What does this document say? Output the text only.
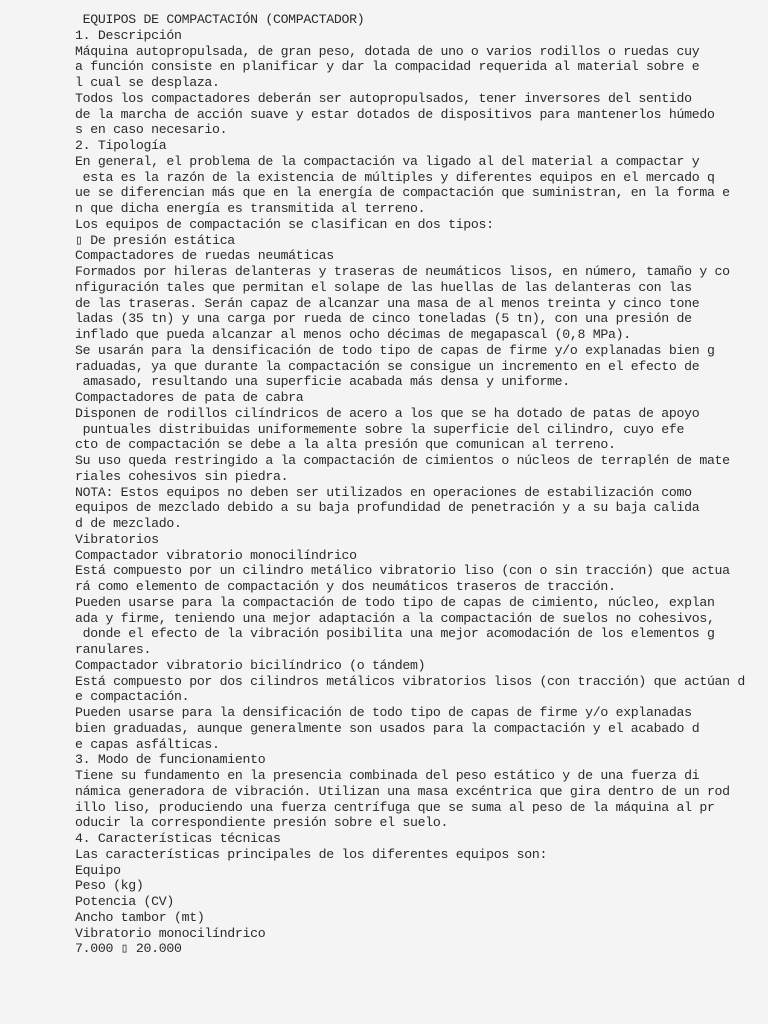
EQUIPOS DE COMPACTACIÓN (COMPACTADOR)
1. Descripción
Máquina autopropulsada, de gran peso, dotada de uno o varios rodillos o ruedas cuy
a función consiste en planificar y dar la compacidad requerida al material sobre e
l cual se desplaza.
Todos los compactadores deberán ser autopropulsados, tener inversores del sentido
de la marcha de acción suave y estar dotados de dispositivos para mantenerlos húmedo
s en caso necesario.
2. Tipología
En general, el problema de la compactación va ligado al del material a compactar y
esta es la razón de la existencia de múltiples y diferentes equipos en el mercado q
ue se diferencian más que en la energía de compactación que suministran, en la forma e
n que dicha energía es transmitida al terreno.
Los equipos de compactación se clasifican en dos tipos:
▯ De presión estática
Compactadores de ruedas neumáticas
Formados por hileras delanteras y traseras de neumáticos lisos, en número, tamaño y co
nfiguración tales que permitan el solape de las huellas de las delanteras con las
de las traseras. Serán capaz de alcanzar una masa de al menos treinta y cinco tone
ladas (35 tn) y una carga por rueda de cinco toneladas (5 tn), con una presión de
inflado que pueda alcanzar al menos ocho décimas de megapascal (0,8 MPa).
Se usarán para la densificación de todo tipo de capas de firme y/o explanadas bien g
raduadas, ya que durante la compactación se consigue un incremento en el efecto de
amasado, resultando una superficie acabada más densa y uniforme.
Compactadores de pata de cabra
Disponen de rodillos cilíndricos de acero a los que se ha dotado de patas de apoyo
puntuales distribuidas uniformemente sobre la superficie del cilindro, cuyo efe
cto de compactación se debe a la alta presión que comunican al terreno.
Su uso queda restringido a la compactación de cimientos o núcleos de terraplén de mate
riales cohesivos sin piedra.
NOTA: Estos equipos no deben ser utilizados en operaciones de estabilización como
equipos de mezclado debido a su baja profundidad de penetración y a su baja calida
d de mezclado.
Vibratorios
Compactador vibratorio monocilíndrico
Está compuesto por un cilindro metálico vibratorio liso (con o sin tracción) que actua
rá como elemento de compactación y dos neumáticos traseros de tracción.
Pueden usarse para la compactación de todo tipo de capas de cimiento, núcleo, explan
ada y firme, teniendo una mejor adaptación a la compactación de suelos no cohesivos,
donde el efecto de la vibración posibilita una mejor acomodación de los elementos g
ranulares.
Compactador vibratorio bicilíndrico (o tándem)
Está compuesto por dos cilindros metálicos vibratorios lisos (con tracción) que actúan d
e compactación.
Pueden usarse para la densificación de todo tipo de capas de firme y/o explanadas
bien graduadas, aunque generalmente son usados para la compactación y el acabado d
e capas asfálticas.
3. Modo de funcionamiento
Tiene su fundamento en la presencia combinada del peso estático y de una fuerza di
námica generadora de vibración. Utilizan una masa excéntrica que gira dentro de un rod
illo liso, produciendo una fuerza centrífuga que se suma al peso de la máquina al pr
oducir la correspondiente presión sobre el suelo.
4. Características técnicas
Las características principales de los diferentes equipos son:
Equipo
Peso (kg)
Potencia (CV)
Ancho tambor (mt)
Vibratorio monocilíndrico
7.000 ▯ 20.000
